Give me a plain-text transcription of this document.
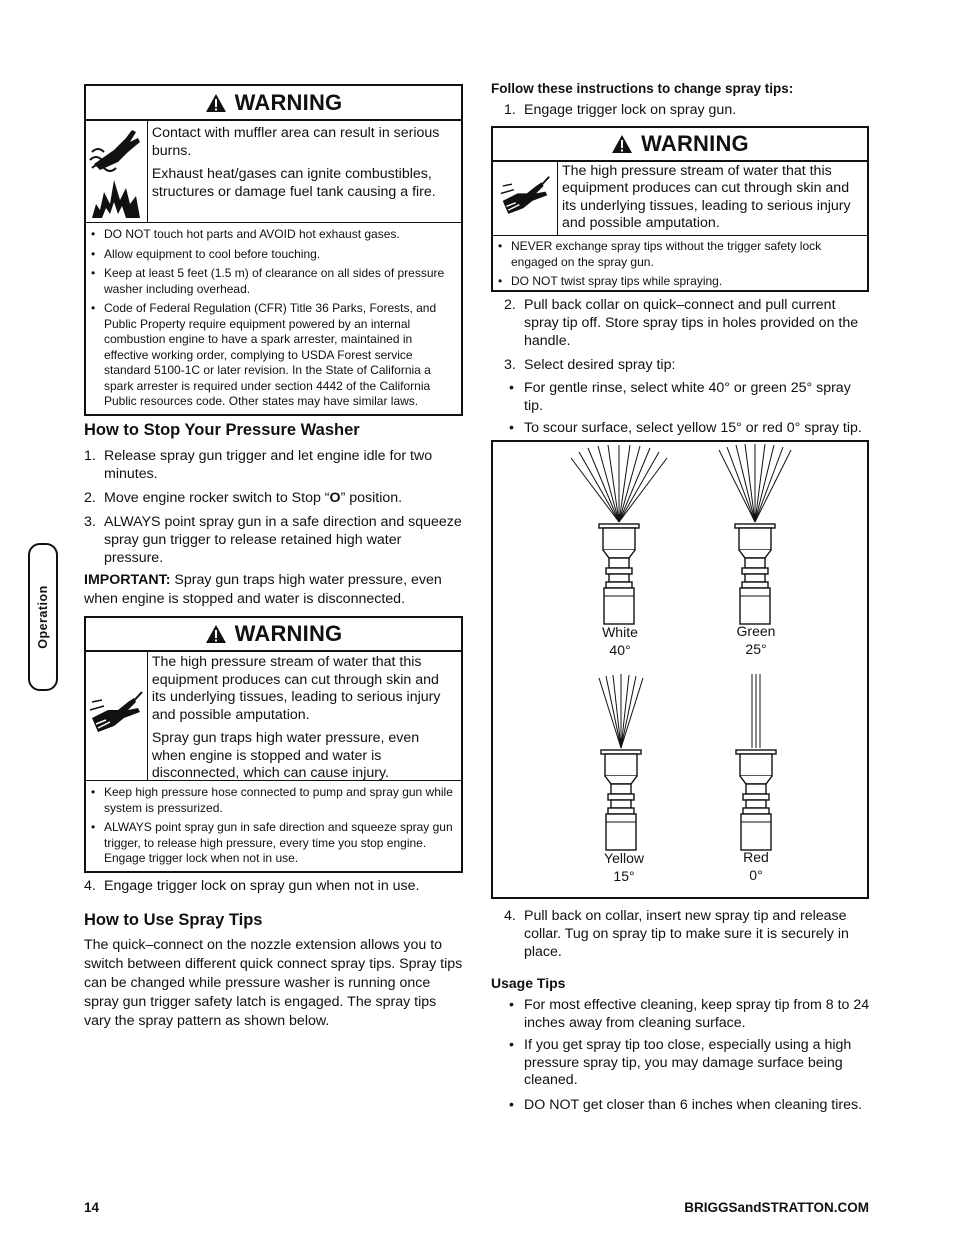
Operation
WARNING

Contact with muffler area can result in serious burns.

Exhaust heat/gases can ignite combustibles, structures or damage fuel tank causing a fire.

• DO NOT touch hot parts and AVOID hot exhaust gases.
• Allow equipment to cool before touching.
• Keep at least 5 feet (1.5 m) of clearance on all sides of pressure washer including overhead.
• Code of Federal Regulation (CFR) Title 36 Parks, Forests, and Public Property require equipment powered by an internal combustion engine to have a spark arrester, maintained in effective working order, complying to USDA Forest service standard 5100-1C or later revision. In the State of California a spark arrester is required under section 4442 of the California Public resources code. Other states may have similar laws.
How to Stop Your Pressure Washer
1. Release spray gun trigger and let engine idle for two minutes.
2. Move engine rocker switch to Stop “O” position.
3. ALWAYS point spray gun in a safe direction and squeeze spray gun trigger to release retained high water pressure.

IMPORTANT: Spray gun traps high water pressure, even when engine is stopped and water is disconnected.

WARNING

The high pressure stream of water that this equipment produces can cut through skin and its underlying tissues, leading to serious injury and possible amputation.

Spray gun traps high water pressure, even when engine is stopped and water is disconnected, which can cause injury.

• Keep high pressure hose connected to pump and spray gun while system is pressurized.
• ALWAYS point spray gun in safe direction and squeeze spray gun trigger, to release high pressure, every time you stop engine. Engage trigger lock when not in use.
4. Engage trigger lock on spray gun when not in use.
How to Use Spray Tips

The quick–connect on the nozzle extension allows you to switch between different quick connect spray tips. Spray tips can be changed while pressure washer is running once spray gun trigger safety latch is engaged. The spray tips vary the spray pattern as shown below.

Follow these instructions to change spray tips:
1. Engage trigger lock on spray gun.
WARNING

The high pressure stream of water that this equipment produces can cut through skin and its underlying tissues, leading to serious injury and possible amputation.

• NEVER exchange spray tips without the trigger safety lock engaged on the spray gun.
• DO NOT twist spray tips while spraying.
2. Pull back collar on quick–connect and pull current spray tip off. Store spray tips in holes provided on the handle.
3. Select desired spray tip:
• For gentle rinse, select white 40° or green 25° spray tip.
• To scour surface, select yellow 15° or red 0° spray tip.
White
40°
Green
25°
Yellow
15°
Red
0°
4. Pull back on collar, insert new spray tip and release collar. Tug on spray tip to make sure it is securely in place.
Usage Tips
• For most effective cleaning, keep spray tip from 8 to 24 inches away from cleaning surface.
• If you get spray tip too close, especially using a high pressure spray tip, you may damage surface being cleaned.
• DO NOT get closer than 6 inches when cleaning tires.
14	BRIGGSandSTRATTON.COM
